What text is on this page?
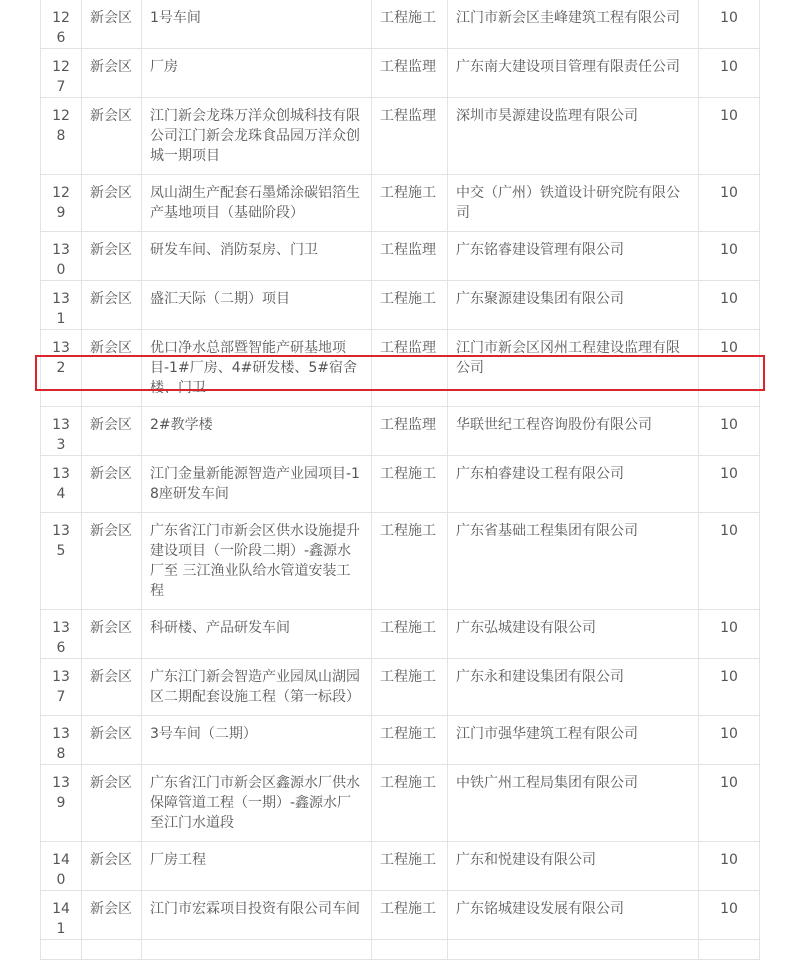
126	新会区	1号车间	工程施工	江门市新会区圭峰建筑工程有限公司	10
127	新会区	厂房	工程监理	广东南大建设项目管理有限责任公司	10
128	新会区	江门新会龙珠万洋众创城科技有限公司江门新会龙珠食品园万洋众创城一期项目	工程监理	深圳市昊源建设监理有限公司	10
129	新会区	凤山湖生产配套石墨烯涂碳铝箔生产基地项目（基础阶段）	工程施工	中交（广州）铁道设计研究院有限公司	10
130	新会区	研发车间、消防泵房、门卫	工程监理	广东铭睿建设管理有限公司	10
131	新会区	盛汇天际（二期）项目	工程施工	广东聚源建设集团有限公司	10
132	新会区	优口净水总部暨智能产研基地项目-1#厂房、4#研发楼、5#宿舍楼、门卫	工程监理	江门市新会区冈州工程建设监理有限公司	10
133	新会区	2#教学楼	工程监理	华联世纪工程咨询股份有限公司	10
134	新会区	江门金量新能源智造产业园项目-18座研发车间	工程施工	广东柏睿建设工程有限公司	10
135	新会区	广东省江门市新会区供水设施提升建设项目（一阶段二期）-鑫源水厂至 三江渔业队给水管道安装工程	工程施工	广东省基础工程集团有限公司	10
136	新会区	科研楼、产品研发车间	工程施工	广东弘城建设有限公司	10
137	新会区	广东江门新会智造产业园凤山湖园区二期配套设施工程（第一标段）	工程施工	广东永和建设集团有限公司	10
138	新会区	3号车间（二期）	工程施工	江门市强华建筑工程有限公司	10
139	新会区	广东省江门市新会区鑫源水厂供水保障管道工程（一期）-鑫源水厂至江门水道段	工程施工	中铁广州工程局集团有限公司	10
140	新会区	厂房工程	工程施工	广东和悦建设有限公司	10
141	新会区	江门市宏霖项目投资有限公司车间	工程施工	广东铭城建设发展有限公司	10
